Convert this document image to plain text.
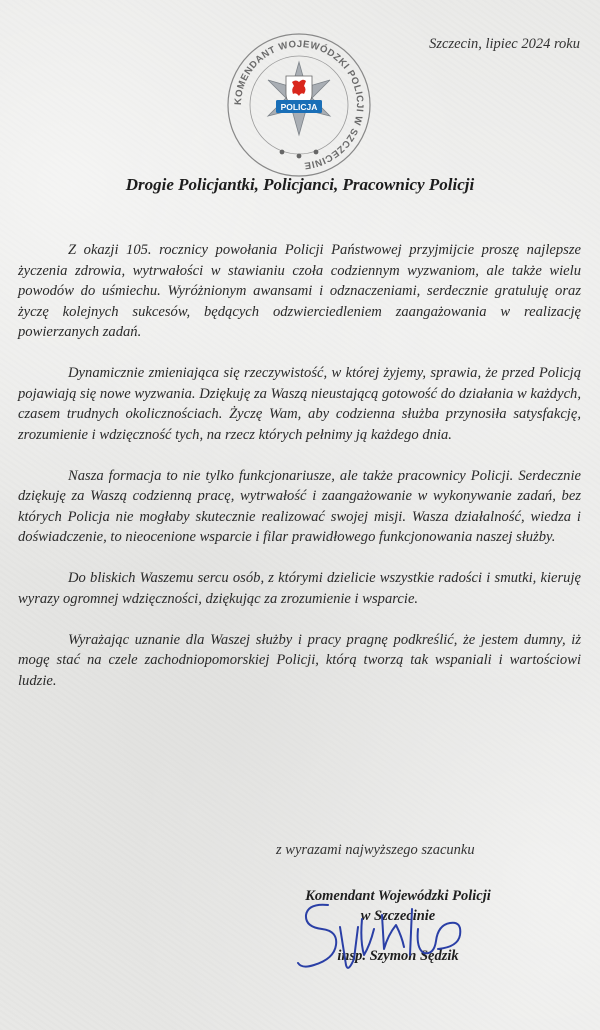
Szczecin, lipiec 2024 roku
KOMENDANT WOJEWÓDZKI POLICJI W SZCZECINIE
POLICJA
Drogie Policjantki, Policjanci, Pracownicy Policji

Z okazji 105. rocznicy powołania Policji Państwowej przyjmijcie proszę najlepsze życzenia zdrowia, wytrwałości w stawianiu czoła codziennym wyzwaniom, ale także wielu powodów do uśmiechu. Wyróżnionym awansami i odznaczeniami, serdecznie gratuluję oraz życzę kolejnych sukcesów, będących odzwierciedleniem zaangażowania w realizację powierzanych zadań.

Dynamicznie zmieniająca się rzeczywistość, w której żyjemy, sprawia, że przed Policją pojawiają się nowe wyzwania. Dziękuję za Waszą nieustającą gotowość do działania w każdych, czasem trudnych okolicznościach. Życzę Wam, aby codzienna służba przynosiła satysfakcję, zrozumienie i wdzięczność tych, na rzecz których pełnimy ją każdego dnia.

Nasza formacja to nie tylko funkcjonariusze, ale także pracownicy Policji. Serdecznie dziękuję za Waszą codzienną pracę, wytrwałość i zaangażowanie w wykonywanie zadań, bez których Policja nie mogłaby skutecznie realizować swojej misji. Wasza działalność, wiedza i doświadczenie, to nieocenione wsparcie i filar prawidłowego funkcjonowania naszej służby.

Do bliskich Waszemu sercu osób, z którymi dzielicie wszystkie radości i smutki, kieruję wyrazy ogromnej wdzięczności, dziękując za zrozumienie i wsparcie.

Wyrażając uznanie dla Waszej służby i pracy pragnę podkreślić, że jestem dumny, iż mogę stać na czele zachodniopomorskiej Policji, którą tworzą tak wspaniali i wartościowi ludzie.

z wyrazami najwyższego szacunku
Komendant Wojewódzki Policji
w Szczecinie
insp. Szymon Sędzik
